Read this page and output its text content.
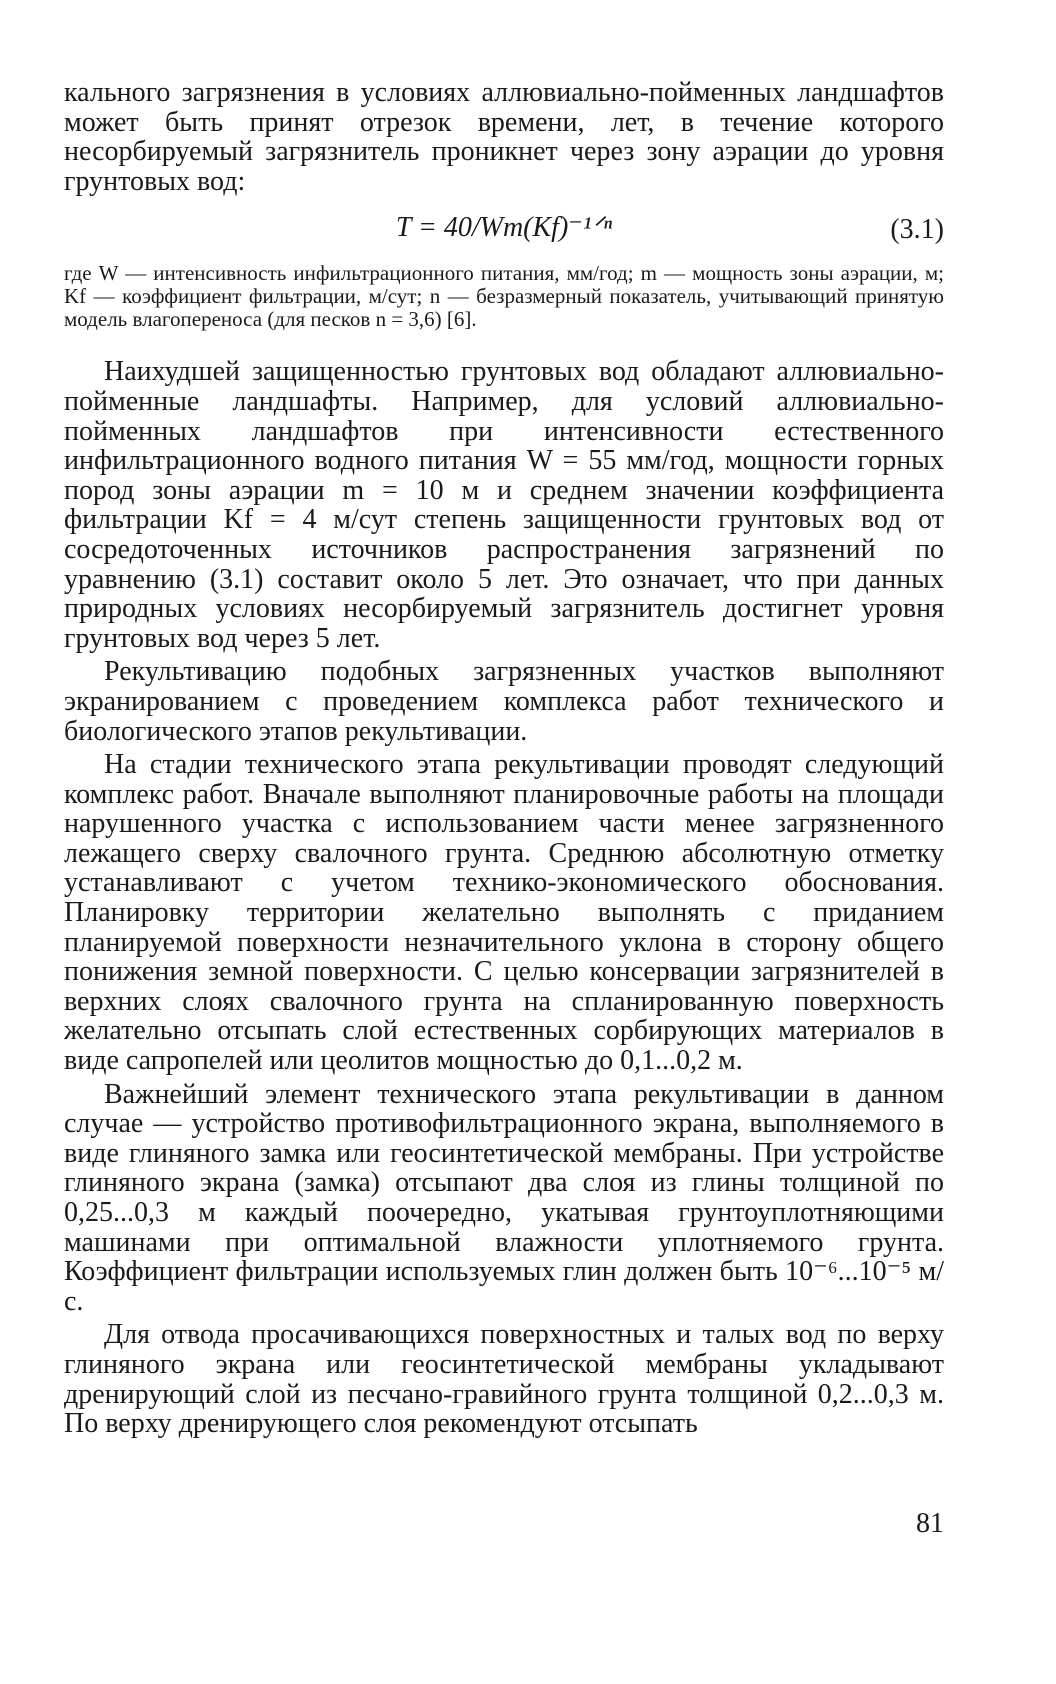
кального загрязнения в условиях аллювиально-пойменных ландшафтов может быть принят отрезок времени, лет, в течение которого несорбируемый загрязнитель проникнет через зону аэрации до уровня грунтовых вод:

T = 40/Wm(Kf)⁻¹ᐟⁿ	(3.1)

где W — интенсивность инфильтрационного питания, мм/год; m — мощность зоны аэрации, м; Kf — коэффициент фильтрации, м/сут; n — безразмерный показатель, учитывающий принятую модель влагопереноса (для песков n = 3,6) [6].

Наихудшей защищенностью грунтовых вод обладают аллювиально-пойменные ландшафты. Например, для условий аллювиально-пойменных ландшафтов при интенсивности естественного инфильтрационного водного питания W = 55 мм/год, мощности горных пород зоны аэрации m = 10 м и среднем значении коэффициента фильтрации Kf = 4 м/сут степень защищенности грунтовых вод от сосредоточенных источников распространения загрязнений по уравнению (3.1) составит около 5 лет. Это означает, что при данных природных условиях несорбируемый загрязнитель достигнет уровня грунтовых вод через 5 лет.

Рекультивацию подобных загрязненных участков выполняют экранированием с проведением комплекса работ технического и биологического этапов рекультивации.

На стадии технического этапа рекультивации проводят следующий комплекс работ. Вначале выполняют планировочные работы на площади нарушенного участка с использованием части менее загрязненного лежащего сверху свалочного грунта. Среднюю абсолютную отметку устанавливают с учетом технико-экономического обоснования. Планировку территории желательно выполнять с приданием планируемой поверхности незначительного уклона в сторону общего понижения земной поверхности. С целью консервации загрязнителей в верхних слоях свалочного грунта на спланированную поверхность желательно отсыпать слой естественных сорбирующих материалов в виде сапропелей или цеолитов мощностью до 0,1...0,2 м.

Важнейший элемент технического этапа рекультивации в данном случае — устройство противофильтрационного экрана, выполняемого в виде глиняного замка или геосинтетической мембраны. При устройстве глиняного экрана (замка) отсыпают два слоя из глины толщиной по 0,25...0,3 м каждый поочередно, укатывая грунтоуплотняющими машинами при оптимальной влажности уплотняемого грунта. Коэффициент фильтрации используемых глин должен быть 10⁻⁶...10⁻⁵ м/с.

Для отвода просачивающихся поверхностных и талых вод по верху глиняного экрана или геосинтетической мембраны укладывают дренирующий слой из песчано-гравийного грунта толщиной 0,2...0,3 м. По верху дренирующего слоя рекомендуют отсыпать

81
